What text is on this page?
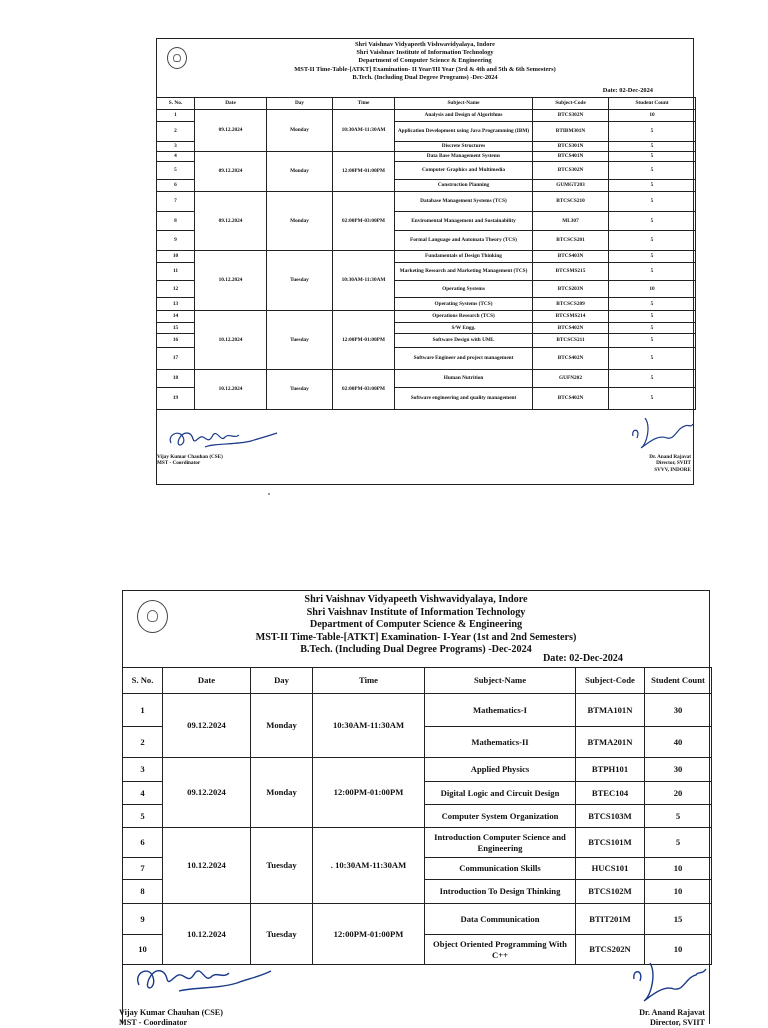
Shri Vaishnav Vidyapeeth Vishwavidyalaya, Indore
Shri Vaishnav Institute of Information Technology
Department of Computer Science & Engineering
MST-II Time-Table-[ATKT] Examination- II Year/III Year (3rd & 4th and 5th & 6th Semesters)
B.Tech. (Including Dual Degree Programs) -Dec-2024
Date: 02-Dec-2024
S. No.	Date	Day	Time	Subject-Name	Subject-Code	Student Count
1	09.12.2024	Monday	10:30AM-11:30AM	Analysis and Design of Algorithms	BTCS302N	10
2				Application Development using Java Programming (IBM)	BTIBM301N	5
3				Discrete Structures	BTCS301N	5
4	09.12.2024	Monday	12:00PM-01:00PM	Data Base Management Systems	BTCS401N	5
5				Computer Graphics and Multimedia	BTCS302N	5
6				Construction Planning	GUMGT203	5
7	09.12.2024	Monday	02:00PM-03:00PM	Database Management Systems (TCS)	BTCSCS210	5
8				Enviromental Management and Sustainability	ML307	5
9				Formal Language and Automata Theory (TCS)	BTCSCS201	5
10	10.12.2024	Tuesday	10:30AM-11:30AM	Fundamentals of Design Thinking	BTCS403N	5
11				Marketing Research and Marketing Management (TCS)	BTCSMS215	5
12				Operating Systems	BTCS203N	10
13				Operating Systems (TCS)	BTCSCS209	5
14	10.12.2024	Tuesday	12:00PM-01:00PM	Operations Research (TCS)	BTCSMS214	5
15				S/W Engg.	BTCS402N	5
16				Software Design with UML	BTCSCS211	5
17				Software Engineer and project management	BTCS402N	5
18	10.12.2024	Tuesday	02:00PM-03:00PM	Human Nutrition	GUFN202	5
19				Software engineering and quality management	BTCS402N	5
Vijay Kumar Chauhan (CSE)
MST - Coordinator
Dr. Anand Rajavat
Director, SVIIT
SVVV, INDORE
Shri Vaishnav Vidyapeeth Vishwavidyalaya, Indore
Shri Vaishnav Institute of Information Technology
Department of Computer Science & Engineering
MST-II Time-Table-[ATKT] Examination- I-Year (1st and 2nd Semesters)
B.Tech. (Including Dual Degree Programs) -Dec-2024
Date: 02-Dec-2024
S. No.	Date	Day	Time	Subject-Name	Subject-Code	Student Count
1	09.12.2024	Monday	10:30AM-11:30AM	Mathematics-I	BTMA101N	30
2				Mathematics-II	BTMA201N	40
3	09.12.2024	Monday	12:00PM-01:00PM	Applied Physics	BTPH101	30
4				Digital Logic and Circuit Design	BTEC104	20
5				Computer System Organization	BTCS103M	5
6	10.12.2024	Tuesday	. 10:30AM-11:30AM	Introduction Computer Science and Engineering	BTCS101M	5
7				Communication Skills	HUCS101	10
8				Introduction To Design Thinking	BTCS102M	10
9	10.12.2024	Tuesday	12:00PM-01:00PM	Data Communication	BTIT201M	15
10				Object Oriented Programming With C++	BTCS202N	10
Vijay Kumar Chauhan (CSE)
MST - Coordinator
Dr. Anand Rajavat
Director, SVIIT
